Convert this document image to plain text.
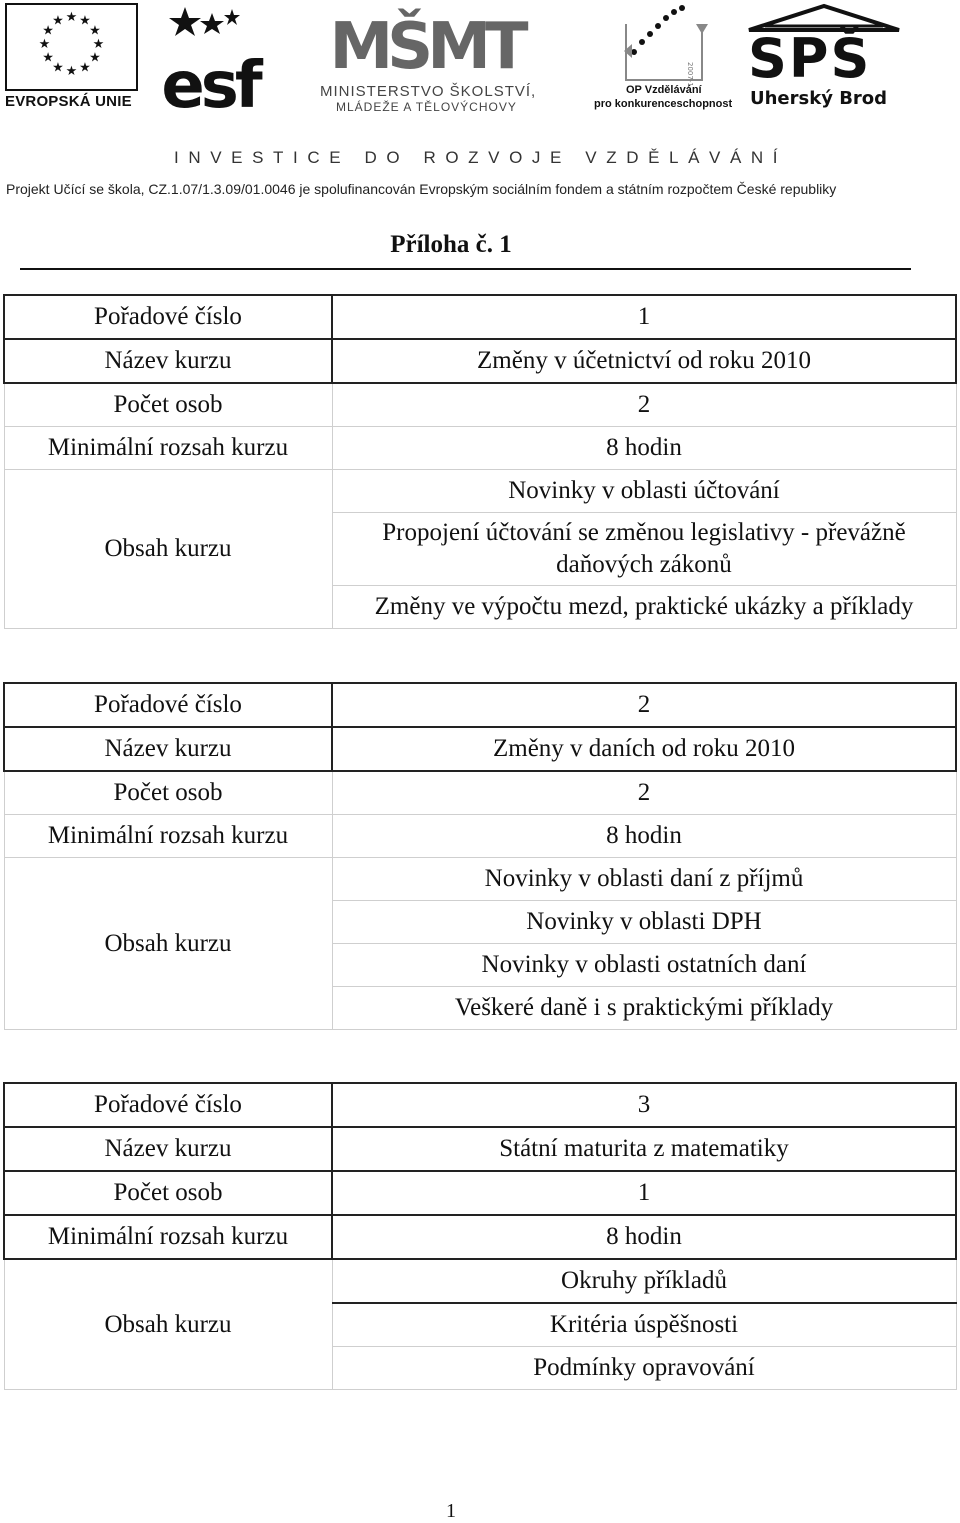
★ ★
★
★
★
★
★
★
★
★
★
★
EVROPSKÁ UNIE esf
MŠMT
MINISTERSTVO ŠKOLSTVÍ,
MLÁDEŽE A TĚLOVÝCHOVY
2007-13
OP Vzdělávání
pro konkurenceschopnost
SPŠ
Uherský Brod
INVESTICE DO ROZVOJE VZDĚLÁVÁNÍ
Projekt Učící se škola, CZ.1.07/1.3.09/01.0046 je spolufinancován Evropským sociálním fondem a státním rozpočtem České republiky
Příloha č. 1
Pořadové číslo	1
Název kurzu	Změny v účetnictví od roku 2010
Počet osob	2
Minimální rozsah kurzu	8 hodin
Obsah kurzu	Novinky v oblasti účtování
	Propojení účtování se změnou legislativy - převážně daňových zákonů
	Změny ve výpočtu mezd, praktické ukázky a příklady
Pořadové číslo	2
Název kurzu	Změny v daních od roku 2010
Počet osob	2
Minimální rozsah kurzu	8 hodin
Obsah kurzu	Novinky v oblasti daní z příjmů
	Novinky v oblasti DPH
	Novinky v oblasti ostatních daní
	Veškeré daně i s praktickými příklady
Pořadové číslo	3
Název kurzu	Státní maturita z matematiky
Počet osob	1
Minimální rozsah kurzu	8 hodin
Obsah kurzu	Okruhy příkladů
	Kritéria úspěšnosti
	Podmínky opravování
1
